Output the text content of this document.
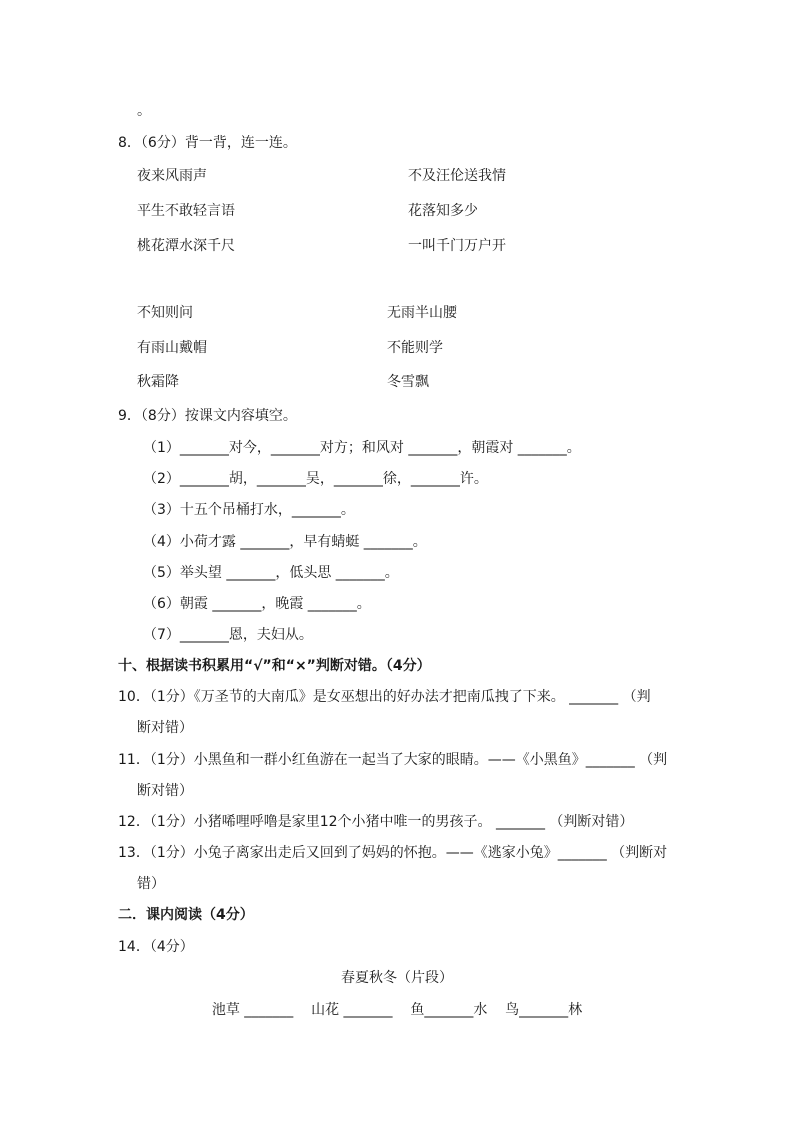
。
8．（6分）背一背，连一连。
夜来风雨声
平生不敢轻言语
桃花潭水深千尺
不及汪伦送我情
花落知多少
一叫千门万户开
不知则问
有雨山戴帽
秋霜降
无雨半山腰
不能则学
冬雪飘
9．（8分）按课文内容填空。
（1）_______对今，_______对方；和风对 _______，朝霞对 _______。
（2）_______胡，_______吴，_______徐，_______许。
（3）十五个吊桶打水，_______。
（4）小荷才露 _______，早有蜻蜓 _______。
（5）举头望 _______，低头思 _______。
（6）朝霞 _______，晚霞 _______。
（7）_______恩，夫妇从。
十、根据读书积累用“√”和“×”判断对错。（4分）
10．（1分）《万圣节的大南瓜》是女巫想出的好办法才把南瓜拽了下来。 _______ （判
断对错）
11．（1分）小黑鱼和一群小红鱼游在一起当了大家的眼睛。——《小黑鱼》_______ （判
断对错）
12．（1分）小猪唏哩呼噜是家里12个小猪中唯一的男孩子。 _______ （判断对错）
13．（1分）小兔子离家出走后又回到了妈妈的怀抱。——《逃家小兔》_______ （判断对
错）
二．课内阅读（4分）
14．（4分）
春夏秋冬（片段）
池草 _______    山花 _______    鱼_______水    鸟_______林
